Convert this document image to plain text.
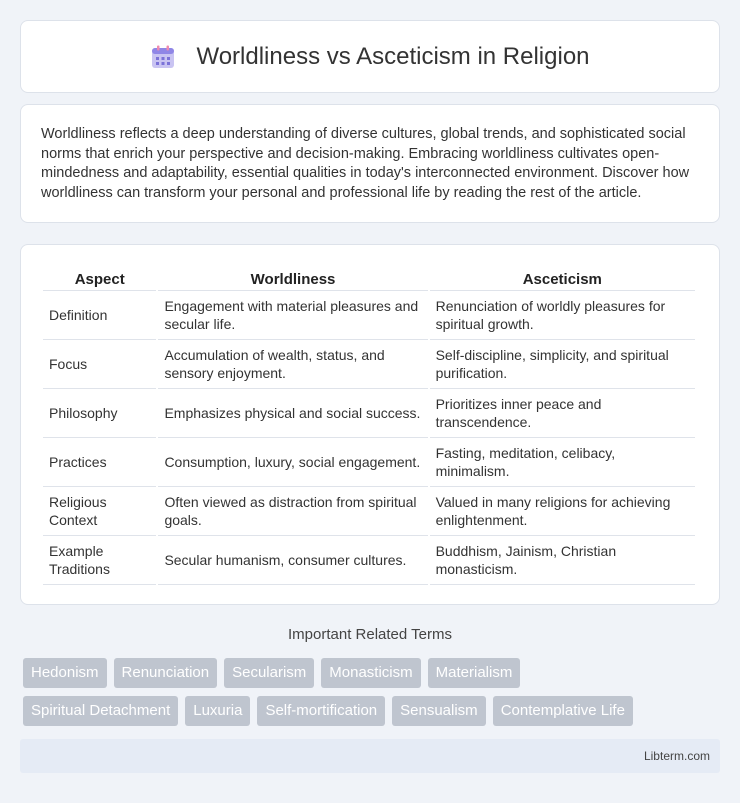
Worldliness vs Asceticism in Religion

Worldliness reflects a deep understanding of diverse cultures, global trends, and sophisticated social norms that enrich your perspective and decision-making. Embracing worldliness cultivates open-mindedness and adaptability, essential qualities in today's interconnected environment. Discover how worldliness can transform your personal and professional life by reading the rest of the article.

Aspect	Worldliness	Asceticism
Definition	Engagement with material pleasures and secular life.	Renunciation of worldly pleasures for spiritual growth.
Focus	Accumulation of wealth, status, and sensory enjoyment.	Self-discipline, simplicity, and spiritual purification.
Philosophy	Emphasizes physical and social success.	Prioritizes inner peace and transcendence.
Practices	Consumption, luxury, social engagement.	Fasting, meditation, celibacy, minimalism.
Religious Context	Often viewed as distraction from spiritual goals.	Valued in many religions for achieving enlightenment.
Example Traditions	Secular humanism, consumer cultures.	Buddhism, Jainism, Christian monasticism.
Important Related Terms
Hedonism	Renunciation	Secularism	Monasticism	Materialism
Spiritual Detachment	Luxuria	Self-mortification	Sensualism	Contemplative Life
Libterm.com
